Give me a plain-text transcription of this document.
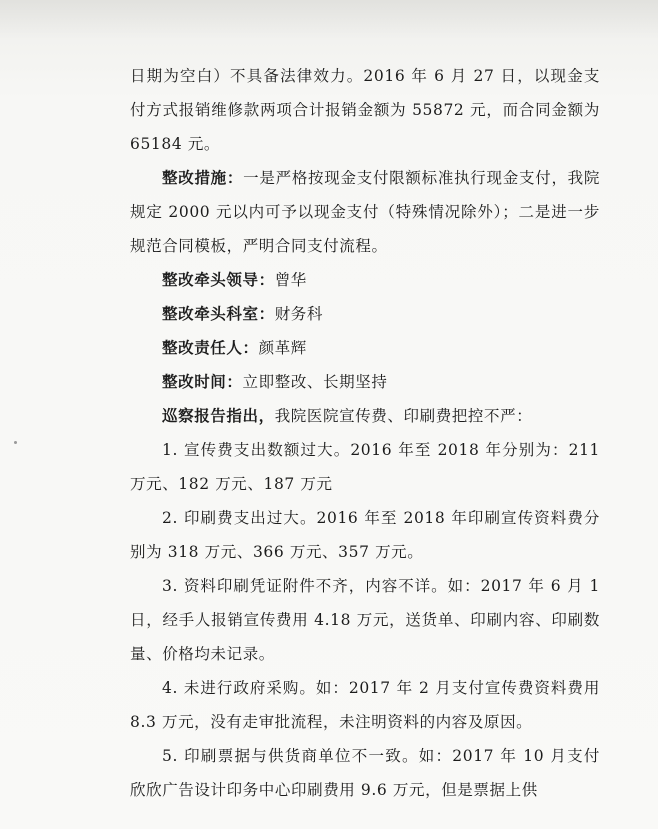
日期为空白）不具备法律效力。2016 年 6 月 27 日，以现金支付方式报销维修款两项合计报销金额为 55872 元，而合同金额为 65184 元。

整改措施：一是严格按现金支付限额标准执行现金支付，我院规定 2000 元以内可予以现金支付（特殊情况除外）；二是进一步规范合同模板，严明合同支付流程。

整改牵头领导：曾华

整改牵头科室：财务科

整改责任人：颜革辉

整改时间：立即整改、长期坚持

巡察报告指出，我院医院宣传费、印刷费把控不严：

1. 宣传费支出数额过大。2016 年至 2018 年分别为：211 万元、182 万元、187 万元

2. 印刷费支出过大。2016 年至 2018 年印刷宣传资料费分别为 318 万元、366 万元、357 万元。

3. 资料印刷凭证附件不齐，内容不详。如：2017 年 6 月 1 日，经手人报销宣传费用 4.18 万元，送货单、印刷内容、印刷数量、价格均未记录。

4. 未进行政府采购。如：2017 年 2 月支付宣传费资料费用 8.3 万元，没有走审批流程，未注明资料的内容及原因。

5. 印刷票据与供货商单位不一致。如：2017 年 10 月支付欣欣广告设计印务中心印刷费用 9.6 万元，但是票据上供
